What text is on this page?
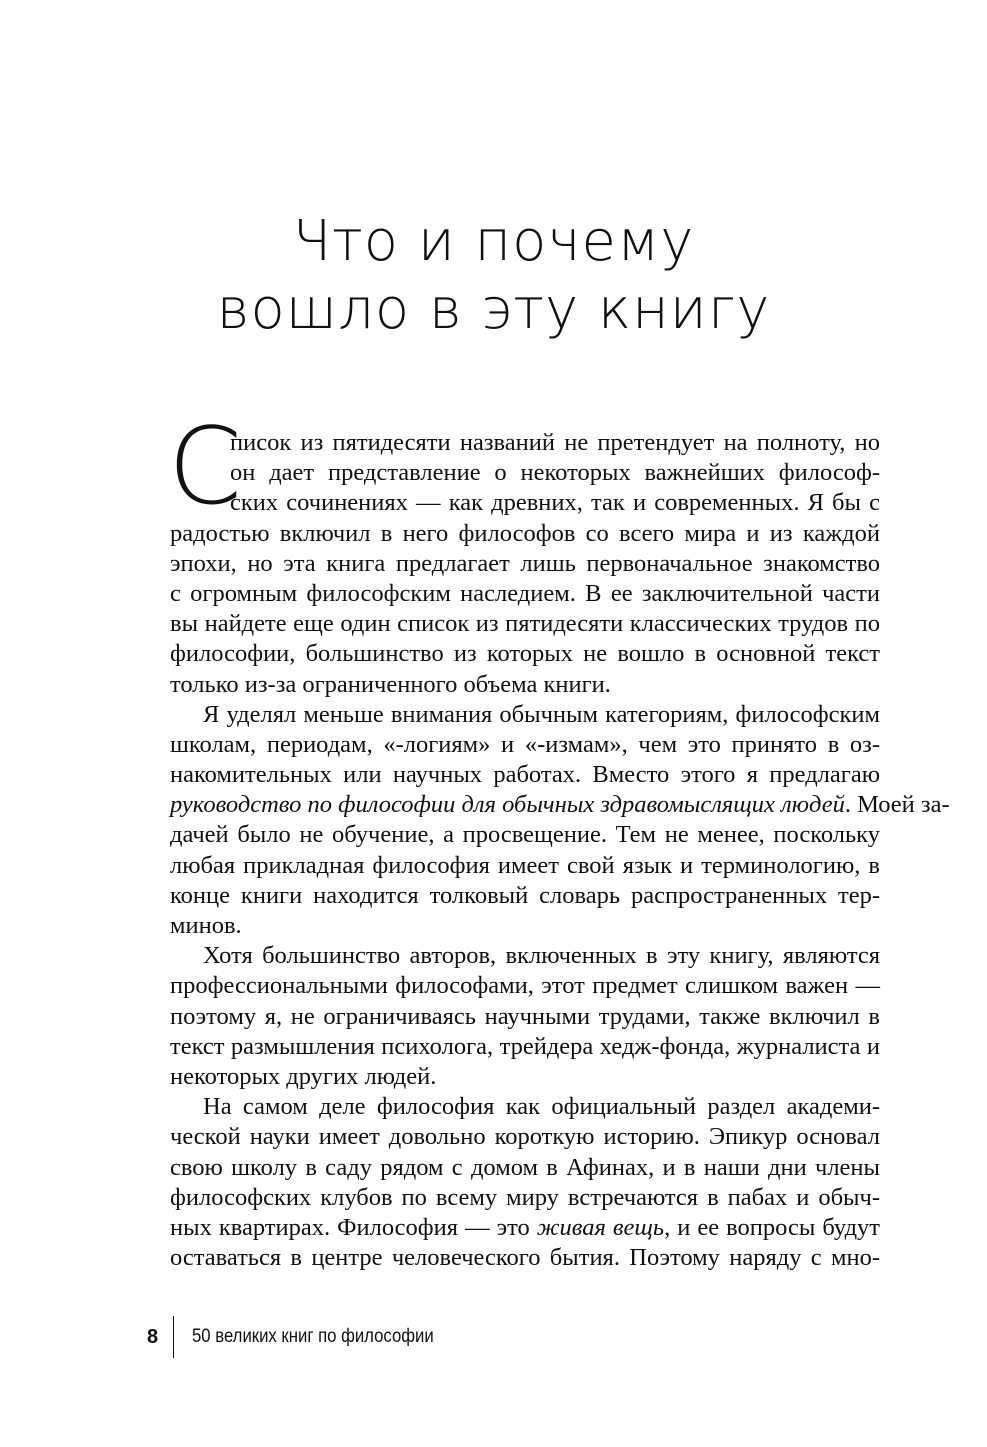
Что и почему
вошло в эту книгу
С
писок из пятидесяти названий не претендует на полноту, но
он дает представление о некоторых важнейших философ-
ских сочинениях — как древних, так и современных. Я бы с
радостью включил в него философов со всего мира и из каждой
эпохи, но эта книга предлагает лишь первоначальное знакомство
с огромным философским наследием. В ее заключительной части
вы найдете еще один список из пятидесяти классических трудов по
философии, большинство из которых не вошло в основной текст
только из-за ограниченного объема книги.
Я уделял меньше внимания обычным категориям, философским
школам, периодам, «-логиям» и «-измам», чем это принято в оз-
накомительных или научных работах. Вместо этого я предлагаю
руководство по философии для обычных здравомыслящих людей. Моей за-
дачей было не обучение, а просвещение. Тем не менее, поскольку
любая прикладная философия имеет свой язык и терминологию, в
конце книги находится толковый словарь распространенных тер-
минов.
Хотя большинство авторов, включенных в эту книгу, являются
профессиональными философами, этот предмет слишком важен —
поэтому я, не ограничиваясь научными трудами, также включил в
текст размышления психолога, трейдера хедж-фонда, журналиста и
некоторых других людей.
На самом деле философия как официальный раздел академи-
ческой науки имеет довольно короткую историю. Эпикур основал
свою школу в саду рядом с домом в Афинах, и в наши дни члены
философских клубов по всему миру встречаются в пабах и обыч-
ных квартирах. Философия — это живая вещь, и ее вопросы будут
оставаться в центре человеческого бытия. Поэтому наряду с мно-
8 50 великих книг по философии
